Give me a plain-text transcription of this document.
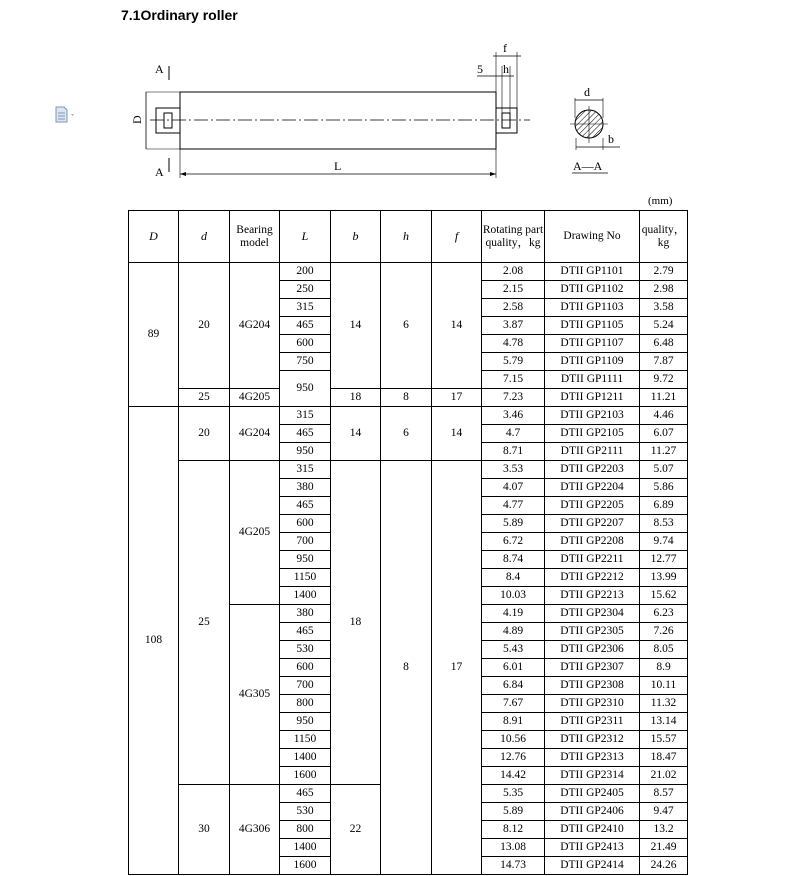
7.1Ordinary roller
A
A
D
L
f
5 h
d
b
A—A
(mm)
D	d	Bearing model	L	b	h	f	Rotating part quality，kg	Drawing No	quality，kg
89	20	4G204	200	14	6	14	2.08	DTII GP1101	2.79
			250				2.15	DTII GP1102	2.98
			315				2.58	DTII GP1103	3.58
			465				3.87	DTII GP1105	5.24
			600				4.78	DTII GP1107	6.48
			750				5.79	DTII GP1109	7.87
			950				7.15	DTII GP1111	9.72
	25	4G205		18	8	17	7.23	DTII GP1211	11.21
108	20	4G204	315	14	6	14	3.46	DTII GP2103	4.46
			465				4.7	DTII GP2105	6.07
			950				8.71	DTII GP2111	11.27
	25	4G205	315	18	8	17	3.53	DTII GP2203	5.07
			380				4.07	DTII GP2204	5.86
			465				4.77	DTII GP2205	6.89
			600				5.89	DTII GP2207	8.53
			700				6.72	DTII GP2208	9.74
			950				8.74	DTII GP2211	12.77
			1150				8.4	DTII GP2212	13.99
			1400				10.03	DTII GP2213	15.62
		4G305	380				4.19	DTII GP2304	6.23
			465				4.89	DTII GP2305	7.26
			530				5.43	DTII GP2306	8.05
			600				6.01	DTII GP2307	8.9
			700				6.84	DTII GP2308	10.11
			800				7.67	DTII GP2310	11.32
			950				8.91	DTII GP2311	13.14
			1150				10.56	DTII GP2312	15.57
			1400				12.76	DTII GP2313	18.47
			1600				14.42	DTII GP2314	21.02
	30	4G306	465	22			5.35	DTII GP2405	8.57
			530				5.89	DTII GP2406	9.47
			800				8.12	DTII GP2410	13.2
			1400				13.08	DTII GP2413	21.49
			1600				14.73	DTII GP2414	24.26
